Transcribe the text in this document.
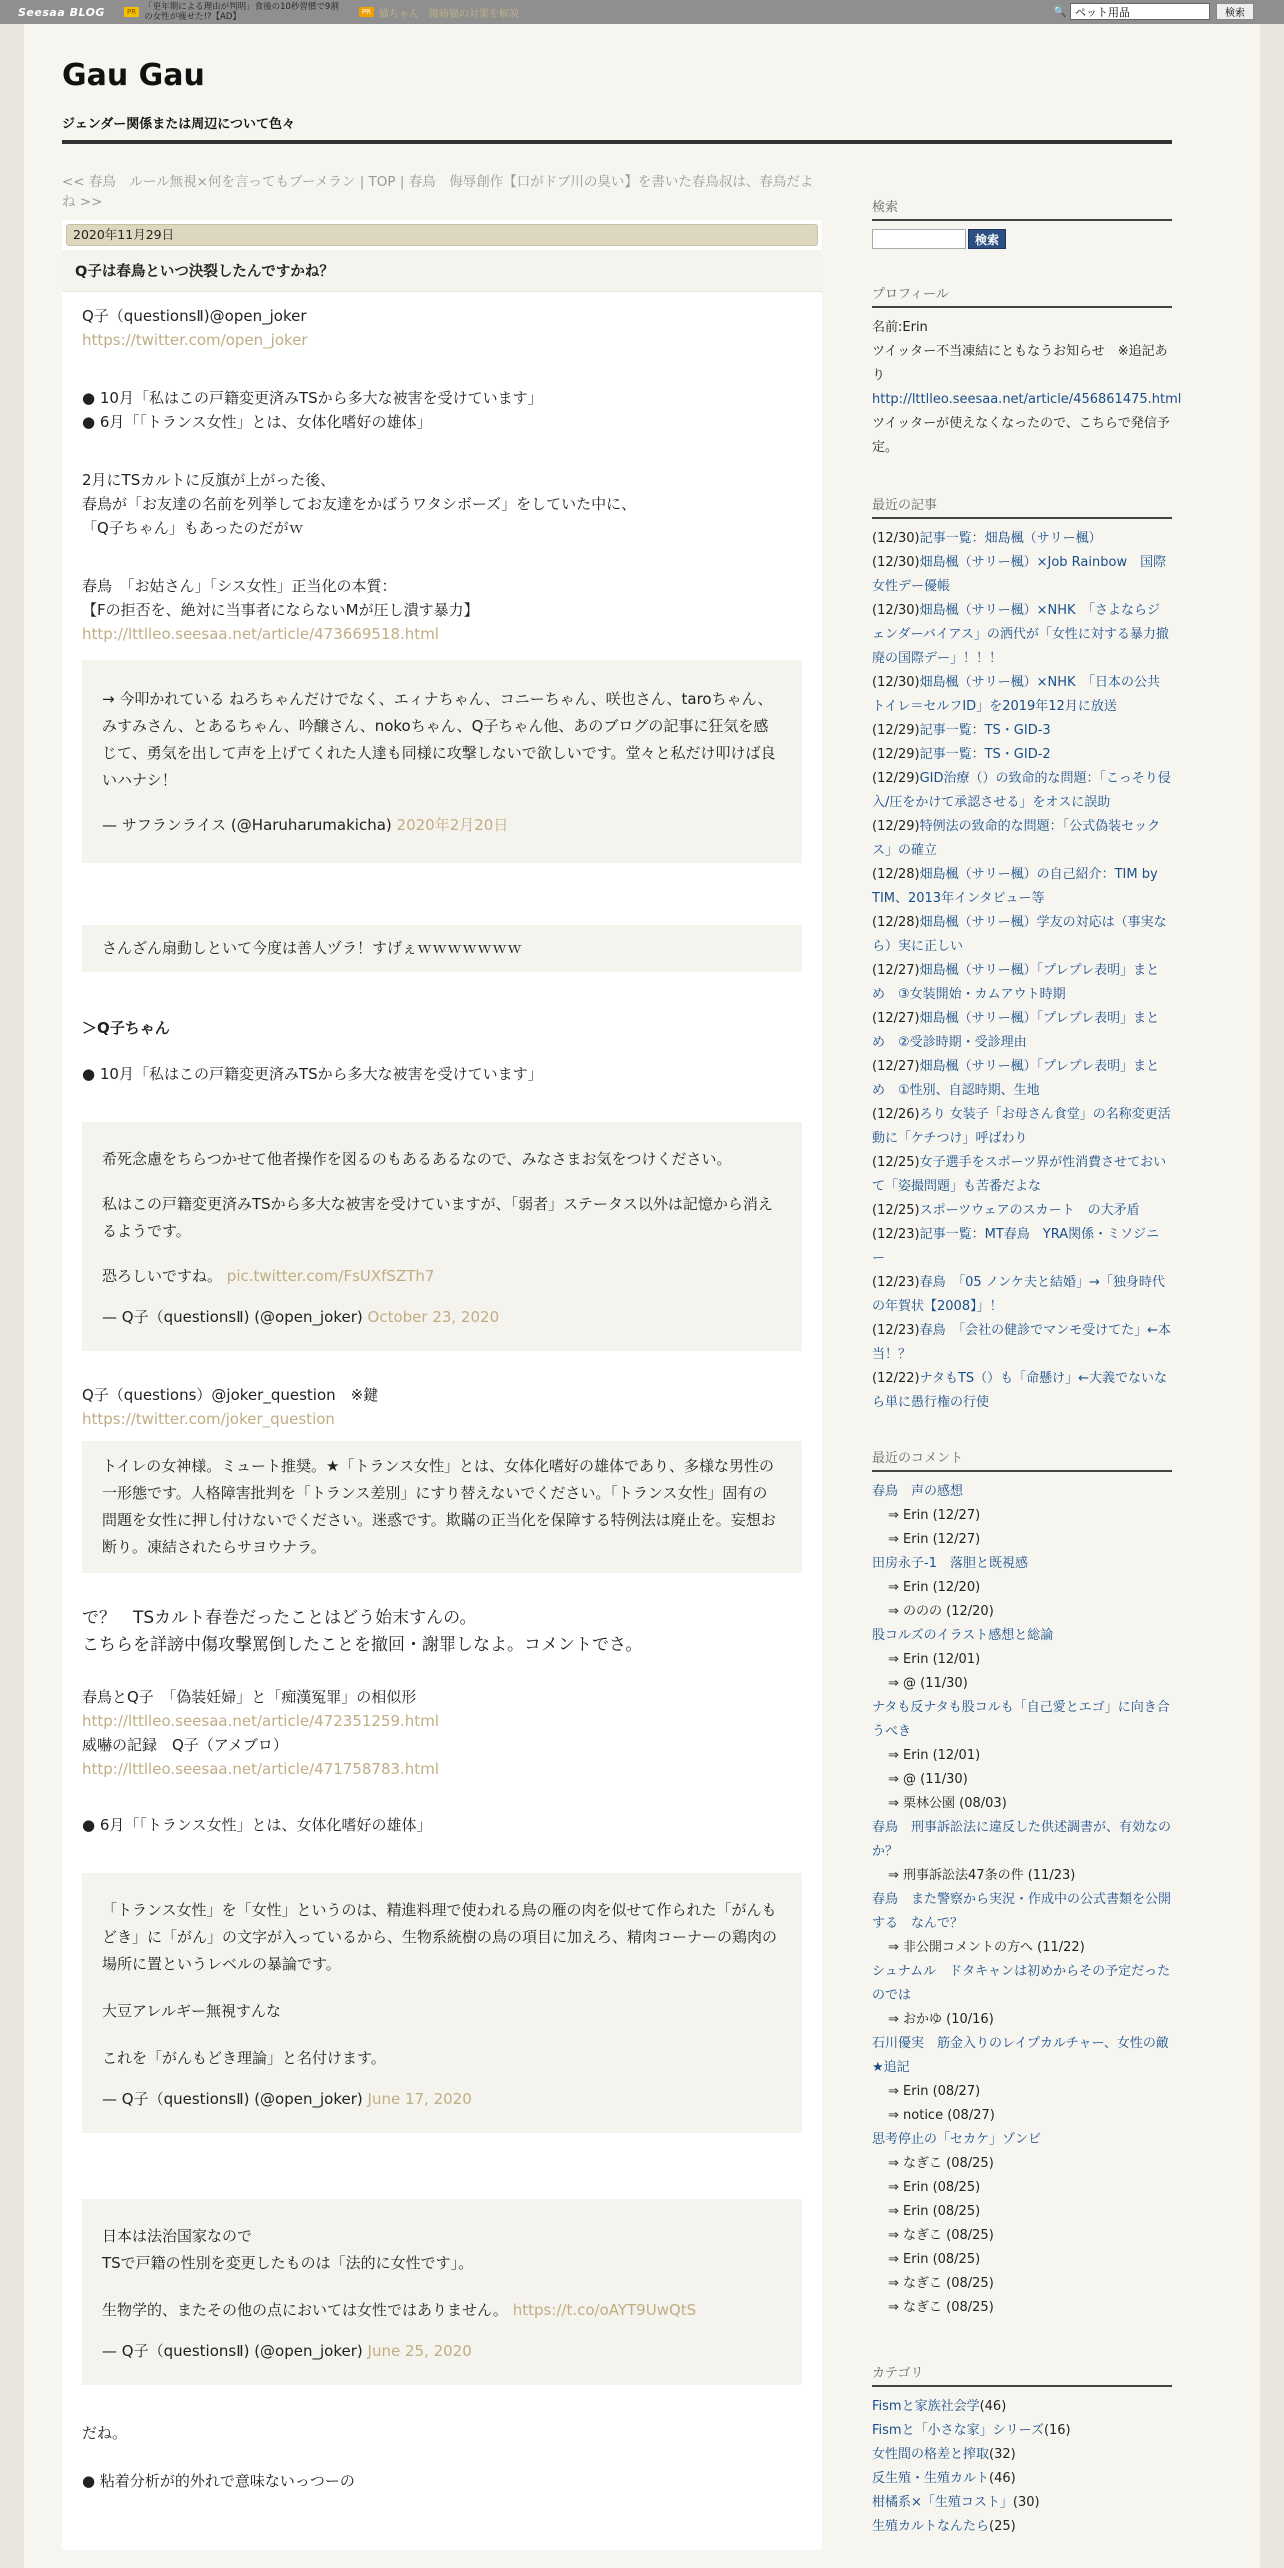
Seesaa BLOG	PR 「更年期による理由が判明」食後の10秒習慣で9割
の女性が痩せた!?【AD】	PR 猫ちゃん　腰痛猫の対策を解説	🔍
ペット用品	検索
Gau Gau
ジェンダー関係または周辺について色々
<< 春鳥　ルール無視×何を言ってもブーメラン | TOP | 春鳥　侮辱創作【口がドブ川の臭い】を書いた春鳥叔は、春鳥だよね >>
2020年11月29日
Q子は春鳥といつ決裂したんですかね？

Q子（questionsⅡ)@open_joker

https://twitter.com/open_joker

● 10月「私はこの戸籍変更済みTSから多大な被害を受けています」

● 6月「「トランス女性」とは、女体化嗜好の雄体」

2月にTSカルトに反旗が上がった後、

春鳥が「お友達の名前を列挙してお友達をかばうワタシボーズ」をしていた中に、

「Q子ちゃん」もあったのだがｗ

春鳥　「お姑さん」「シス女性」正当化の本質：

【Fの拒否を、絶対に当事者にならないMが圧し潰す暴力】

http://lttlleo.seesaa.net/article/473669518.html

→ 今叩かれている ねろちゃんだけでなく、エィナちゃん、コニーちゃん、咲也さん、taroちゃん、みすみさん、とあるちゃん、吟醸さん、nokoちゃん、Q子ちゃん他、あのブログの記事に狂気を感じて、勇気を出して声を上げてくれた人達も同様に攻撃しないで欲しいです。堂々と私だけ叩けば良いハナシ！

— サフランライス (@Haruharumakicha) 2020年2月20日

さんざん扇動しといて今度は善人ヅラ！すげぇｗｗｗｗｗｗｗ

＞Q子ちゃん

● 10月「私はこの戸籍変更済みTSから多大な被害を受けています」

希死念慮をちらつかせて他者操作を図るのもあるあるなので、みなさまお気をつけください。

私はこの戸籍変更済みTSから多大な被害を受けていますが、「弱者」ステータス以外は記憶から消えるようです。

恐ろしいですね。 pic.twitter.com/FsUXfSZTh7

— Q子（questionsⅡ) (@open_joker) October 23, 2020

Q子（questions）@joker_question　※鍵

https://twitter.com/joker_question

トイレの女神様。ミュート推奨。★「トランス女性」とは、女体化嗜好の雄体であり、多様な男性の一形態です。人格障害批判を「トランス差別」にすり替えないでください。「トランス女性」固有の問題を女性に押し付けないでください。迷惑です。欺瞞の正当化を保障する特例法は廃止を。妄想お断り。凍結されたらサヨウナラ。

で？　TSカルト春巻だったことはどう始末すんの。

こちらを詳謗中傷攻撃罵倒したことを撤回・謝罪しなよ。コメントでさ。

春鳥とQ子　「偽装妊婦」と「痴漢冤罪」の相似形

http://lttlleo.seesaa.net/article/472351259.html

威嚇の記録　Q子（アメブロ）

http://lttlleo.seesaa.net/article/471758783.html

● 6月「「トランス女性」とは、女体化嗜好の雄体」

「トランス女性」を「女性」というのは、精進料理で使われる鳥の雁の肉を似せて作られた「がんもどき」に「がん」の文字が入っているから、生物系統樹の鳥の項目に加えろ、精肉コーナーの鶏肉の場所に置というレベルの暴論です。

大豆アレルギー無視すんな

これを「がんもどき理論」と名付けます。

— Q子（questionsⅡ) (@open_joker) June 17, 2020

日本は法治国家なので

TSで戸籍の性別を変更したものは「法的に女性です」。

生物学的、またその他の点においては女性ではありません。 https://t.co/oAYT9UwQtS

— Q子（questionsⅡ) (@open_joker) June 25, 2020

だね。

● 粘着分析が的外れで意味ないっつーの

検索
検索
プロフィール
名前:Erin
ツイッター不当凍結にともなうお知らせ　※追記あり
http://lttlleo.seesaa.net/article/456861475.html
ツイッターが使えなくなったので、こちらで発信予定。
最近の記事
(12/30)記事一覧：畑島楓（サリー楓）
(12/30)畑島楓（サリー楓）×Job Rainbow　国際女性デー優帳
(12/30)畑島楓（サリー楓）×NHK　「さよならジェンダーバイアス」の洒代が「女性に対する暴力撤廃の国際デー」！！！
(12/30)畑島楓（サリー楓）×NHK　「日本の公共トイレ＝セルフID」を2019年12月に放送
(12/29)記事一覧：TS・GID-3
(12/29)記事一覧：TS・GID-2
(12/29)GID治療（）の致命的な問題：「こっそり侵入/圧をかけて承認させる」をオスに誤助
(12/29)特例法の致命的な問題：「公式偽装セックス」の確立
(12/28)畑島楓（サリー楓）の自己紹介：TIM by TIM、2013年インタビュー等
(12/28)畑島楓（サリー楓）学友の対応は（事実なら）実に正しい
(12/27)畑島楓（サリー楓）「プレプレ表明」まとめ　③女装開始・カムアウト時期
(12/27)畑島楓（サリー楓）「プレプレ表明」まとめ　②受診時期・受診理由
(12/27)畑島楓（サリー楓）「プレプレ表明」まとめ　①性別、自認時期、生地
(12/26)ろり 女装子「お母さん食堂」の名称変更活動に「ケチつけ」呼ばわり
(12/25)女子選手をスポーツ界が性消費させておいて「姿撮問題」も苦番だよな
(12/25)スポーツウェアのスカート　の大矛盾
(12/23)記事一覧：MT春鳥　YRA関係・ミソジニー
(12/23)春鳥　「05 ノンケ夫と結婚」→「独身時代の年賀状【2008】」！
(12/23)春鳥　「会社の健診でマンモ受けてた」←本当！？
(12/22)ナタもTS（）も「命懸け」←大義でないなら単に愚行権の行使
最近のコメント
春鳥　声の感想
⇒ Erin (12/27)
⇒ Erin (12/27)
田房永子-1　落胆と既視感
⇒ Erin (12/20)
⇒ ののの (12/20)
股コルズのイラスト感想と総論
⇒ Erin (12/01)
⇒ @ (11/30)
ナタも反ナタも股コルも「自己愛とエゴ」に向き合うべき
⇒ Erin (12/01)
⇒ @ (11/30)
⇒ 栗林公園 (08/03)
春鳥　刑事訴訟法に違反した供述調書が、有効なのか？
⇒ 刑事訴訟法47条の件 (11/23)
春鳥　また警察から実況・作成中の公式書類を公開する　なんで？
⇒ 非公開コメントの方へ (11/22)
シュナムル　ドタキャンは初めからその予定だったのでは
⇒ おかゆ (10/16)
石川優実　筋金入りのレイプカルチャー、女性の敵　★追記
⇒ Erin (08/27)
⇒ notice (08/27)
思考停止の「セカケ」ゾンビ
⇒ なぎこ (08/25)
⇒ Erin (08/25)
⇒ Erin (08/25)
⇒ なぎこ (08/25)
⇒ Erin (08/25)
⇒ なぎこ (08/25)
⇒ なぎこ (08/25)
カテゴリ
Fismと家族社会学(46)
Fismと「小さな家」シリーズ(16)
女性間の格差と搾取(32)
反生殖・生殖カルト(46)
柑橘系×「生殖コスト」(30)
生殖カルトなんたら(25)
